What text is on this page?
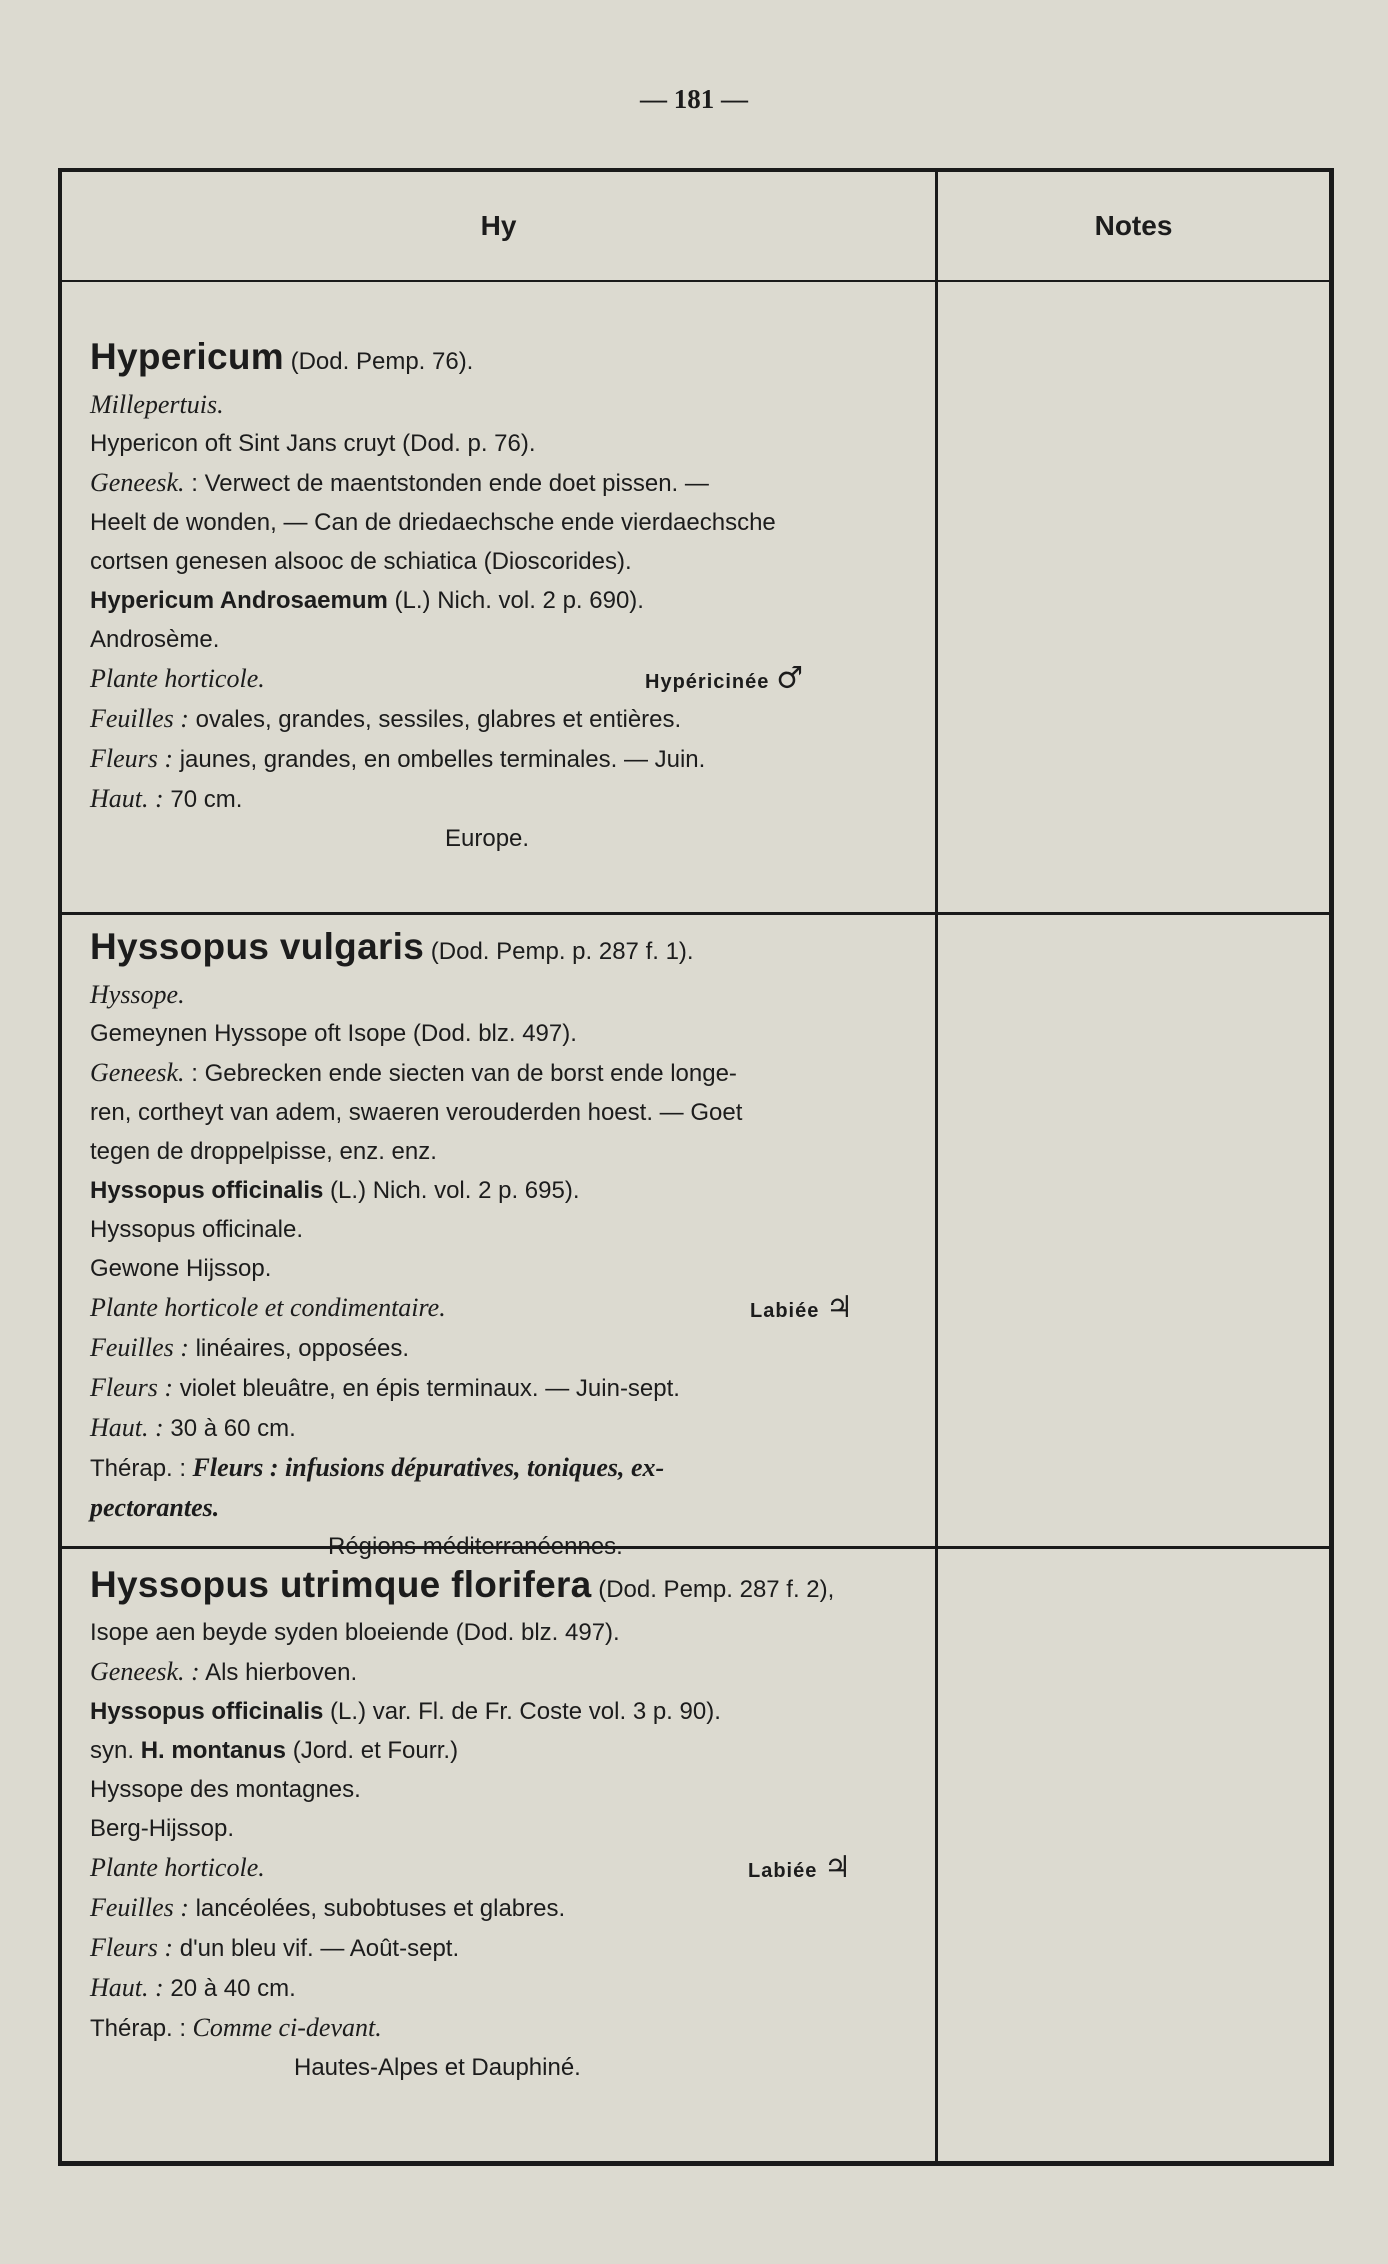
— 181 —
Hy	Notes
Hypericum (Dod. Pemp. 76).
Millepertuis.
Hypericon oft Sint Jans cruyt (Dod. p. 76).
Geneesk. : Verwect de maentstonden ende doet pissen. —
Heelt de wonden, — Can de driedaechsche ende vierdaechsche
cortsen genesen alsooc de schiatica (Dioscorides).
Hypericum Androsaemum (L.) Nich. vol. 2 p. 690).
Androsème.
Plante horticole.	Hypéricinée ♂
Feuilles : ovales, grandes, sessiles, glabres et entières.
Fleurs : jaunes, grandes, en ombelles terminales. — Juin.
Haut. : 70 cm.
Europe.
Hyssopus vulgaris (Dod. Pemp. p. 287 f. 1).
Hyssope.
Gemeynen Hyssope oft Isope (Dod. blz. 497).
Geneesk. : Gebrecken ende siecten van de borst ende longe-
ren, cortheyt van adem, swaeren verouderden hoest. — Goet
tegen de droppelpisse, enz. enz.
Hyssopus officinalis (L.) Nich. vol. 2 p. 695).
Hyssopus officinale.
Gewone Hijssop.
Plante horticole et condimentaire.	Labiée ♃
Feuilles : linéaires, opposées.
Fleurs : violet bleuâtre, en épis terminaux. — Juin-sept.
Haut. : 30 à 60 cm.
Thérap. : Fleurs : infusions dépuratives, toniques, ex-
pectorantes.
Régions méditerranéennes.
Hyssopus utrimque florifera (Dod. Pemp. 287 f. 2),
Isope aen beyde syden bloeiende (Dod. blz. 497).
Geneesk. : Als hierboven.
Hyssopus officinalis (L.) var. Fl. de Fr. Coste vol. 3 p. 90).
syn. H. montanus (Jord. et Fourr.)
Hyssope des montagnes.
Berg-Hijssop.
Plante horticole.	Labiée ♃
Feuilles : lancéolées, subobtuses et glabres.
Fleurs : d'un bleu vif. — Août-sept.
Haut. : 20 à 40 cm.
Thérap. : Comme ci-devant.
Hautes-Alpes et Dauphiné.
